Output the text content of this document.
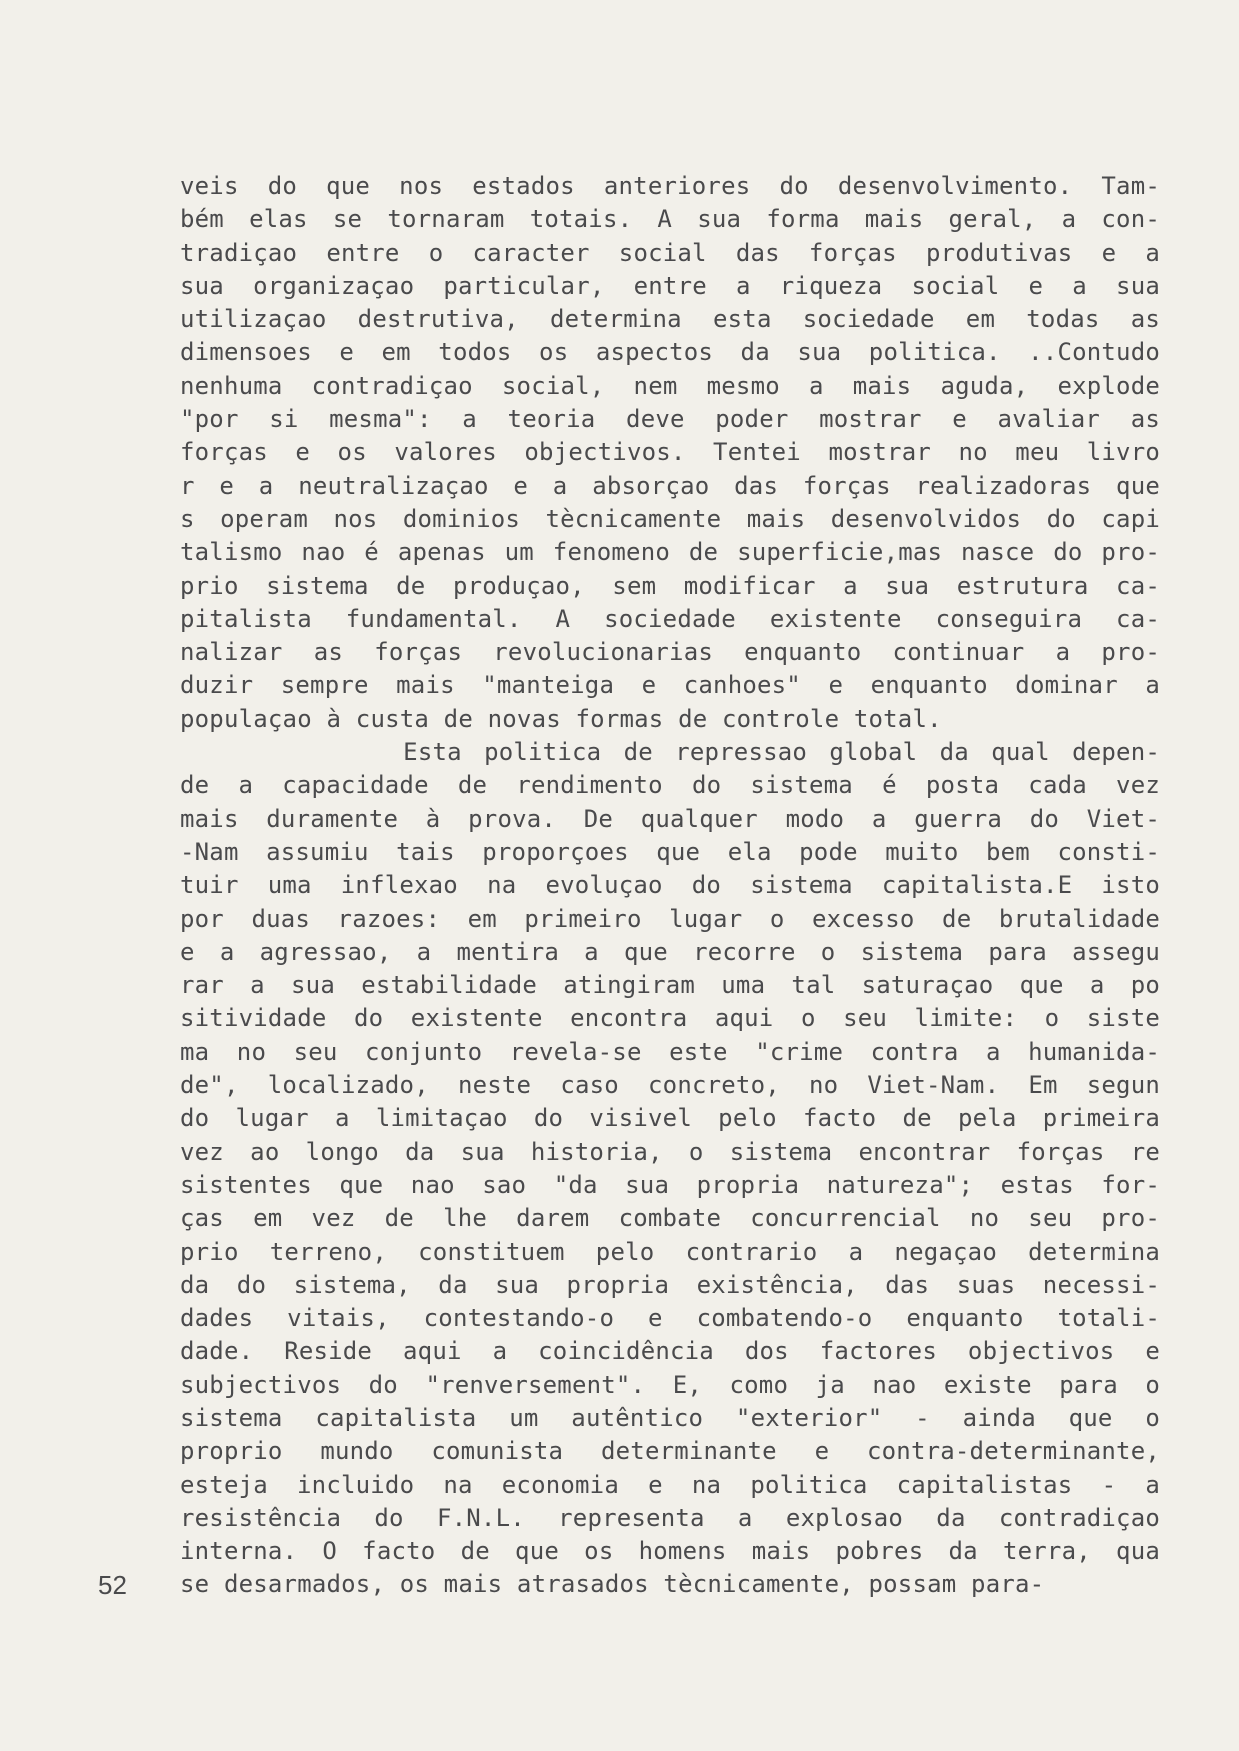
veis do que nos estados anteriores do desenvolvimento. Tam-
bém elas se tornaram totais. A sua forma mais geral, a con-
tradiçao entre o caracter social das forças produtivas e a
sua organizaçao particular, entre a riqueza social e a sua
utilizaçao destrutiva, determina esta sociedade em todas as
dimensoes e em todos os aspectos da sua politica. ..Contudo
nenhuma contradiçao social, nem mesmo a mais aguda, explode
"por si mesma": a teoria deve poder mostrar e avaliar as
forças e os valores objectivos. Tentei mostrar no meu livro
r e a neutralizaçao e a absorçao das forças realizadoras que
s operam nos dominios tècnicamente mais desenvolvidos do capi
talismo nao é apenas um fenomeno de superficie,mas nasce do pro-
prio sistema de produçao, sem modificar a sua estrutura ca-
pitalista fundamental. A sociedade existente conseguira ca-
nalizar as forças revolucionarias enquanto continuar a pro-
duzir sempre mais "manteiga e canhoes" e enquanto dominar a
populaçao à custa de novas formas de controle total.
Esta politica de repressao global da qual depen-
de a capacidade de rendimento do sistema é posta cada vez
mais duramente à prova. De qualquer modo a guerra do Viet-
-Nam assumiu tais proporçoes que ela pode muito bem consti-
tuir uma inflexao na evoluçao do sistema capitalista.E isto
por duas razoes: em primeiro lugar o excesso de brutalidade
e a agressao, a mentira a que recorre o sistema para assegu
rar a sua estabilidade atingiram uma tal saturaçao que a po
sitividade do existente encontra aqui o seu limite: o siste
ma no seu conjunto revela-se este "crime contra a humanida-
de", localizado, neste caso concreto, no Viet-Nam. Em segun
do lugar a limitaçao do visivel pelo facto de pela primeira
vez ao longo da sua historia, o sistema encontrar forças re
sistentes que nao sao "da sua propria natureza"; estas for-
ças em vez de lhe darem combate concurrencial no seu pro-
prio terreno, constituem pelo contrario a negaçao determina
da do sistema, da sua propria existência, das suas necessi-
dades vitais, contestando-o e combatendo-o enquanto totali-
dade. Reside aqui a coincidência dos factores objectivos e
subjectivos do "renversement". E, como ja nao existe para o
sistema capitalista um autêntico "exterior" - ainda que o
proprio mundo comunista determinante e contra-determinante,
esteja incluido na economia e na politica capitalistas - a
resistência do F.N.L. representa a explosao da contradiçao
interna. O facto de que os homens mais pobres da terra, qua
se desarmados, os mais atrasados tècnicamente, possam para-
52
